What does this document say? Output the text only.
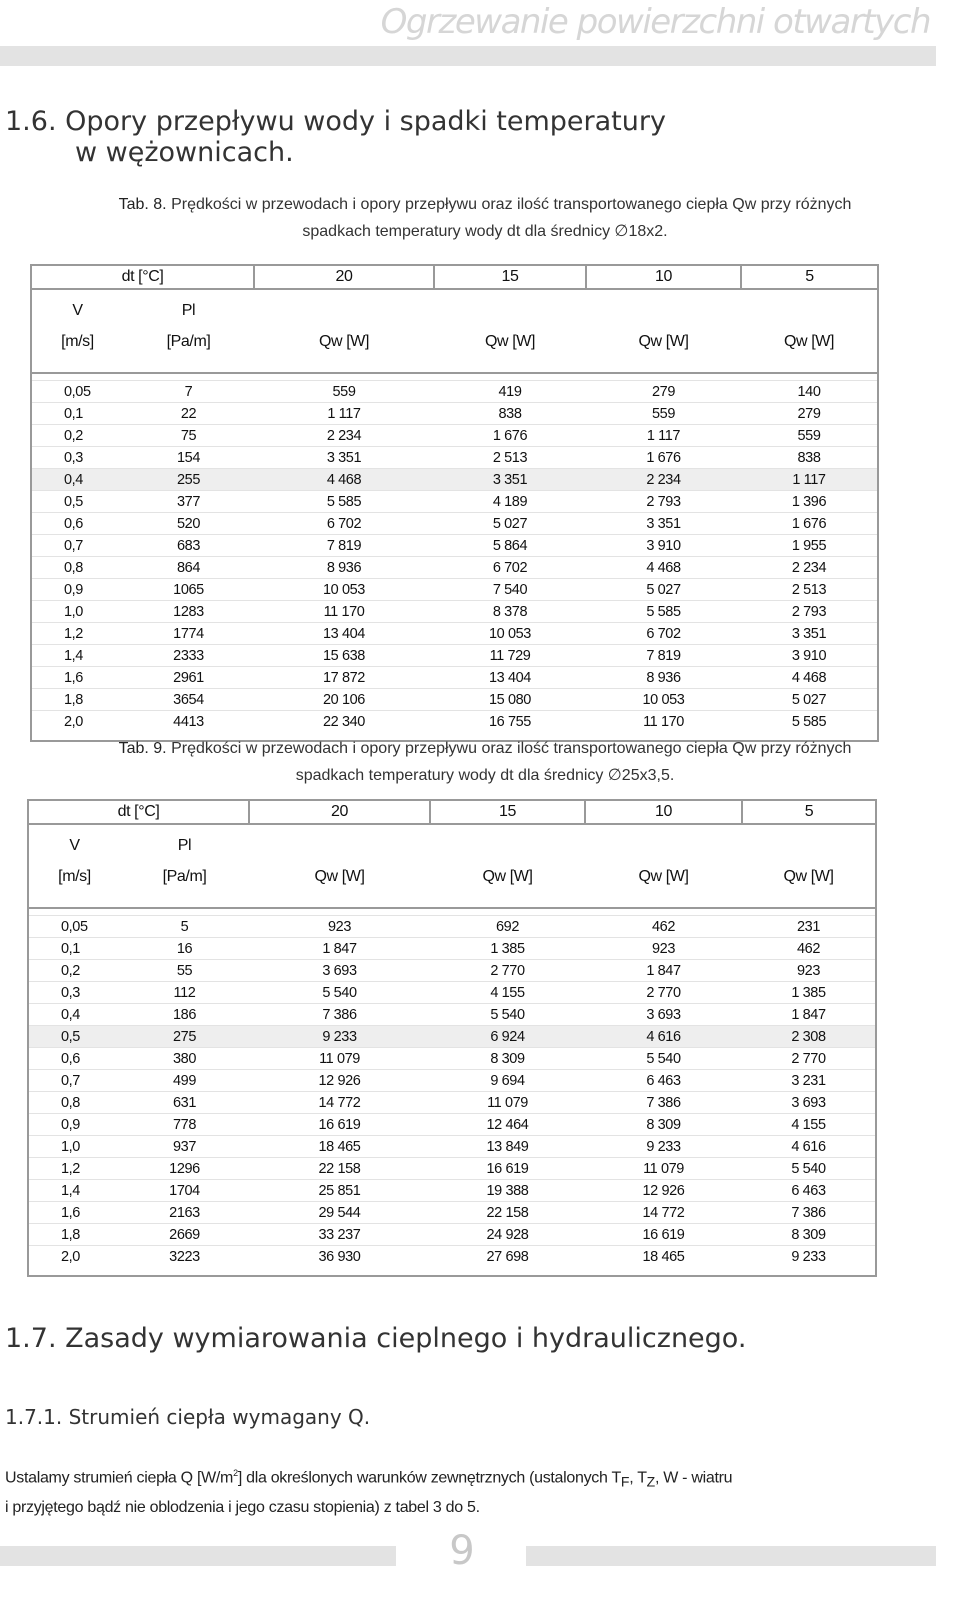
Ogrzewanie powierzchni otwartych
1.6. Opory przepływu wody i spadki temperatury
w wężownicach.
Tab. 8. Prędkości w przewodach i opory przepływu oraz ilość transportowanego ciepła Qw przy różnych
spadkach temperatury wody dt dla średnicy ∅18x2.
dt [°C]		20	15	10	5
V	Pl				
[m/s]	[Pa/m]	Qw [W]	Qw [W]	Qw [W]	Qw [W]

0,05	7	559	419	279	140
0,1	22	1 117	838	559	279
0,2	75	2 234	1 676	1 117	559
0,3	154	3 351	2 513	1 676	838
0,4	255	4 468	3 351	2 234	1 117
0,5	377	5 585	4 189	2 793	1 396
0,6	520	6 702	5 027	3 351	1 676
0,7	683	7 819	5 864	3 910	1 955
0,8	864	8 936	6 702	4 468	2 234
0,9	1065	10 053	7 540	5 027	2 513
1,0	1283	11 170	8 378	5 585	2 793
1,2	1774	13 404	10 053	6 702	3 351
1,4	2333	15 638	11 729	7 819	3 910
1,6	2961	17 872	13 404	8 936	4 468
1,8	3654	20 106	15 080	10 053	5 027
2,0	4413	22 340	16 755	11 170	5 585

Tab. 9. Prędkości w przewodach i opory przepływu oraz ilość transportowanego ciepła Qw przy różnych
spadkach temperatury wody dt dla średnicy ∅25x3,5.
dt [°C]		20	15	10	5
V	Pl				
[m/s]	[Pa/m]	Qw [W]	Qw [W]	Qw [W]	Qw [W]

0,05	5	923	692	462	231
0,1	16	1 847	1 385	923	462
0,2	55	3 693	2 770	1 847	923
0,3	112	5 540	4 155	2 770	1 385
0,4	186	7 386	5 540	3 693	1 847
0,5	275	9 233	6 924	4 616	2 308
0,6	380	11 079	8 309	5 540	2 770
0,7	499	12 926	9 694	6 463	3 231
0,8	631	14 772	11 079	7 386	3 693
0,9	778	16 619	12 464	8 309	4 155
1,0	937	18 465	13 849	9 233	4 616
1,2	1296	22 158	16 619	11 079	5 540
1,4	1704	25 851	19 388	12 926	6 463
1,6	2163	29 544	22 158	14 772	7 386
1,8	2669	33 237	24 928	16 619	8 309
2,0	3223	36 930	27 698	18 465	9 233

1.7. Zasady wymiarowania cieplnego i hydraulicznego.
1.7.1. Strumień ciepła wymagany Q.
Ustalamy strumień ciepła Q $[W/m^2]$ dla określonych warunków zewnętrznych (ustalonych $T_F$, $T_Z$, W - wiatru
i przyjętego bądź nie oblodzenia i jego czasu stopienia) z tabel 3 do 5.
9
